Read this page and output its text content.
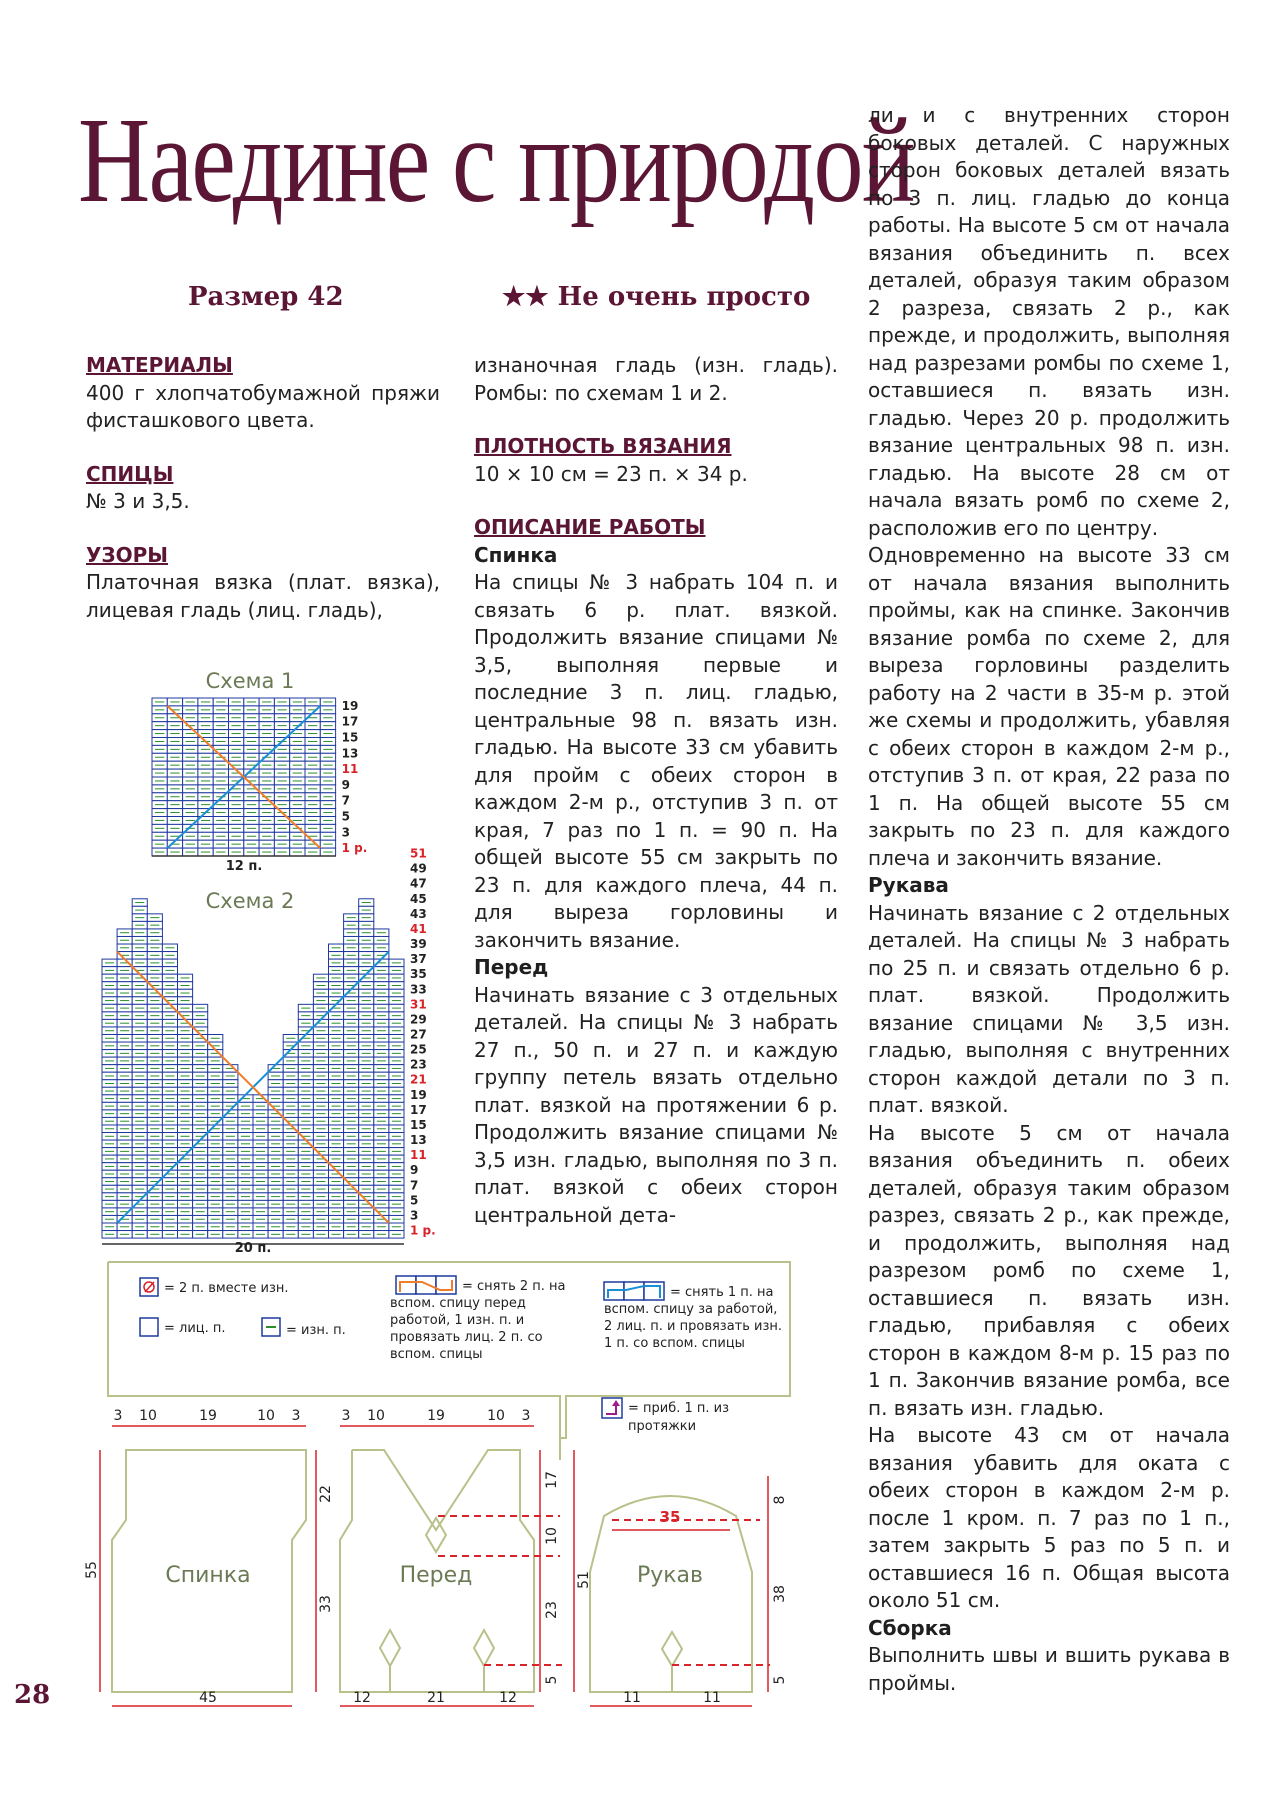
Наедине с природой
Размер 42	★★ Не очень просто

МАТЕРИАЛЫ

400 г хлопчатобумажной пряжи фисташкового цвета.

СПИЦЫ

№ 3 и 3,5.

УЗОРЫ

Платочная вязка (плат. вязка), лицевая гладь (лиц. гладь),

изнаночная гладь (изн. гладь). Ромбы: по схемам 1 и 2.

ПЛОТНОСТЬ ВЯЗАНИЯ

10 × 10 см = 23 п. × 34 р.

ОПИСАНИЕ РАБОТЫ

Спинка

На спицы № 3 набрать 104 п. и связать 6 р. плат. вязкой. Продолжить вязание спицами № 3,5, выполняя первые и последние 3 п. лиц. гладью, центральные 98 п. вязать изн. гладью. На высоте 33 см убавить для пройм с обеих сторон в каждом 2-м р., отступив 3 п. от края, 7 раз по 1 п. = 90 п. На общей высоте 55 см закрыть по 23 п. для каждого плеча, 44 п. для выреза горловины и закончить вязание.

Перед

Начинать вязание с 3 отдельных деталей. На спицы № 3 набрать 27 п., 50 п. и 27 п. и каждую группу петель вязать отдельно плат. вязкой на протяжении 6 р. Продолжить вязание спицами № 3,5 изн. гладью, выполняя по 3 п. плат. вязкой с обеих сторон центральной дета-

ли и с внутренних сторон боковых деталей. С наружных сторон боковых деталей вязать по 3 п. лиц. гладью до конца работы. На высоте 5 см от начала вязания объединить п. всех деталей, образуя таким образом 2 разреза, связать 2 р., как прежде, и продолжить, выполняя над разрезами ромбы по схеме 1, оставшиеся п. вязать изн. гладью. Через 20 р. продолжить вязание центральных 98 п. изн. гладью. На высоте 28 см от начала вязать ромб по схеме 2, расположив его по центру.

Одновременно на высоте 33 см от начала вязания выполнить проймы, как на спинке. Закончив вязание ромба по схеме 2, для выреза горловины разделить работу на 2 части в 35-м р. этой же схемы и продолжить, убавляя с обеих сторон в каждом 2-м р., отступив 3 п. от края, 22 раза по 1 п. На общей высоте 55 см закрыть по 23 п. для каждого плеча и закончить вязание.

Рукава

Начинать вязание с 2 отдельных деталей. На спицы № 3 набрать по 25 п. и связать отдельно 6 р. плат. вязкой. Продолжить вязание спицами № 3,5 изн. гладью, выполняя с внутренних сторон каждой детали по 3 п. плат. вязкой.

На высоте 5 см от начала вязания объединить п. обеих деталей, образуя таким образом разрез, связать 2 р., как прежде, и продолжить, выполняя над разрезом ромб по схеме 1, оставшиеся п. вязать изн. гладью, прибавляя с обеих сторон в каждом 8-м р. 15 раз по 1 п. Закончив вязание ромба, все п. вязать изн. гладью.

На высоте 43 см от начала вязания убавить для оката с обеих сторон в каждом 2-м р. после 1 кром. п. 7 раз по 1 п., затем закрыть 5 раз по 5 п. и оставшиеся 16 п. Общая высота около 51 см.

Сборка

Выполнить швы и вшить рукава в проймы.

28
Схема 1
19
17
15
13
11
9
7
5
3
1 р.
12 п.
Схема 2
51
49
47
45
43
41
39
37
35
33
31
29
27
25
23
21
19
17
15
13
11
9
7
5
3
1 р.
20 п.
= 2 п. вместе изн.
= лиц. п.	= изн. п.
= снять 2 п. на вспом. спицу перед работой, 1 изн. п. и провязать лиц. 2 п. со вспом. спицы
= снять 1 п. на вспом. спицу за работой, 2 лиц. п. и провязать изн. 1 п. со вспом. спицы
= приб. 1 п. из протяжки
Спинка	Перед	Рукав
3	3
10	10
19	19
10	10
3	3
45
55
22
33
17
10
23
5
51
12	21	12
35
8
38
5
11	11
